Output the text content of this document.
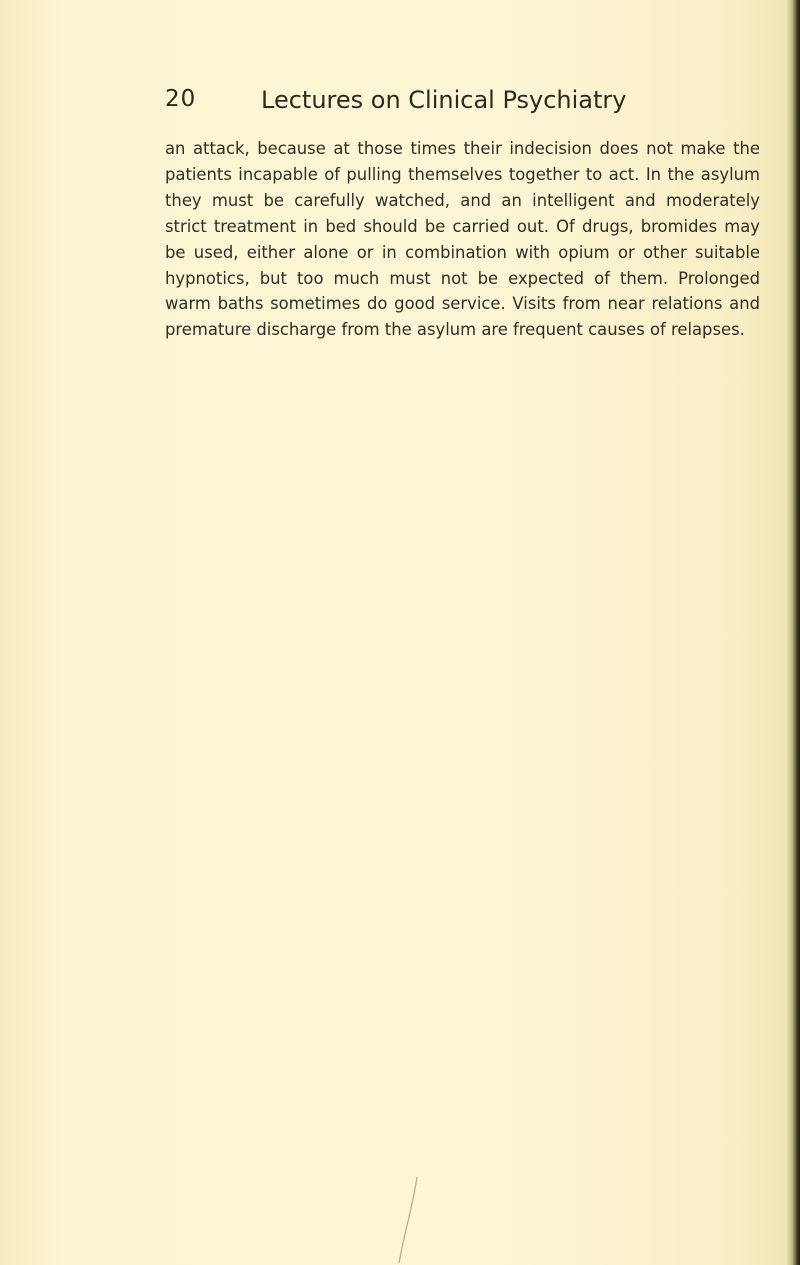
20	Lectures on Clinical Psychiatry

an attack, because at those times their indecision does not make the patients incapable of pulling themselves together to act. In the asylum they must be carefully watched, and an intelligent and moderately strict treatment in bed should be carried out. Of drugs, bromides may be used, either alone or in combination with opium or other suitable hypnotics, but too much must not be expected of them. Prolonged warm baths sometimes do good service. Visits from near relations and premature discharge from the asylum are frequent causes of relapses.
